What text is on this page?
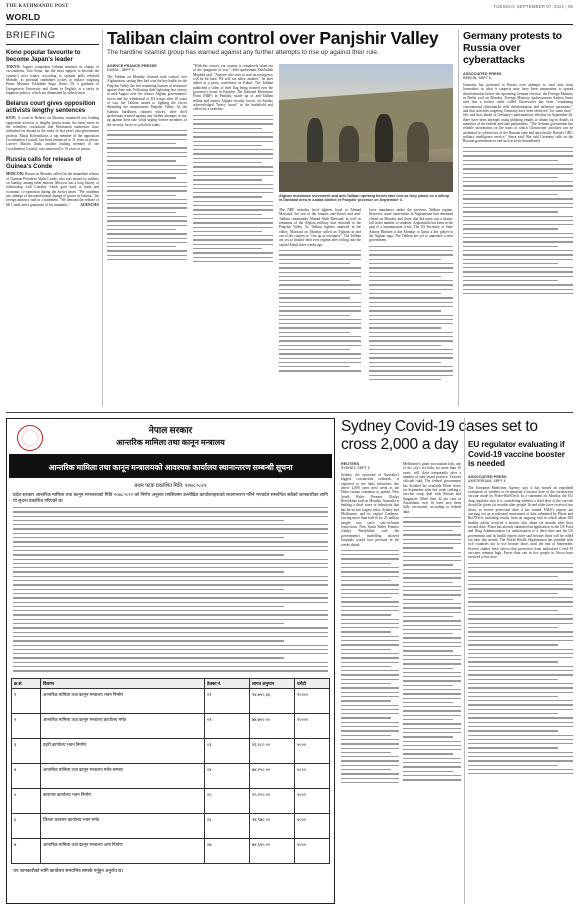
THE KATHMANDU POST	TUESDAY, SEPTEMBER 07, 2021 | 08
WORLD
BRIEFING
Kono popular favourite to become Japan's leader
TOKYO: Japan's outspoken Cabinet minister in charge of vaccinations, Taro Kono, has the most support to become the country's next leader, according to opinion polls released Monday, as potential candidates jockey to replace outgoing Prime Minister Yoshihide Suga. Kono, 58, a graduate of Georgetown University and fluent in English, is a rarity in Japanese politics, which are dominated by elderly men.
Belarus court gives opposition activists lengthy sentences
KYIV: A court in Belarus on Monday sentenced two leading opposition activists to lengthy prison terms, the latest move in the relentless crackdown that Belarusian authorities have unleashed on dissent in the wake of last year's anti-government protests. Maria Kolesnikova, a top member of the opposition Coordination Council, has been sentenced to 11 years in prison. Lawyer Maxim Znak, another leading member of the Coordination Council, was sentenced to 10 years in prison.
Russia calls for release of Guinea's Conde
MOSCOW: Russia on Monday called for the immediate release of Guinean President Alpha Conde, who was ousted by soldiers on Sunday, among other nations. Moscow has a long history of relationship with Conakry which goes back to trade and economic co-operation during the Soviet times. "We condemn any attempt of unconstitutional change of power in Guinea," the foreign ministry said in a statement. "We demand the release of Mr Conde and a guarantee of his immunity."	AGENCIES
Taliban claim control over Panjshir Valley
The hardline Islamist group has warned against any further attempts to rise up against their rule.
AGENCE FRANCE-PRESSE
KABUL, SEPT 6
The Taliban on Monday claimed total control over Afghanistan, saying they had won the key battle for the Panjshir Valley, the last remaining bastion of resistance against their rule. Following their lightning-fast victory in mid-August over the former Afghan government's forces and the withdrawal of US troops after 20 years of war, the Taliban turned to fighting the forces defending the mountainous Panjshir Valley. As the Islamist hardliners claimed victory, their chief spokesman warned against any further attempts to rise up against their rule while urging former members of the security forces to join their ranks.
"With this victory, our country is completely taken out of the quagmire of war," chief spokesman Zabihullah Mujahid said. "Anyone who tries to start an insurgency will be hit hard. We will not allow another," he later added at a press conference in Kabul. The Taliban published a video of their flag being hoisted over the governor's house in Panjshir. The National Resistance Front (NRF) in Panjshir, made up of anti-Taliban militia and former Afghan security forces, on Sunday acknowledged "heavy losses" in the battlefield and called for a ceasefire.
Afghan resistance movement and anti-Taliban uprising forces take rest as they patrol on a hilltop in Darband area in Anaba district of Panjshir province on September 3.
The NRF includes local fighters loyal to Ahmad Massoud, the son of the famous anti-Soviet and anti-Taliban commander Ahmad Shah Massoud, as well as remnants of the Afghan military that retreated to the Panjshir Valley. As Taliban fighters amassed in the valley, Massoud on Monday called on Afghans in and out of the country to "rise up in resistance". The Taliban are yet to finalise their new regime after rolling into the capital Kabul three weeks ago.
force mandatory under the previous Taliban regime. However, some universities in Afghanistan had remained closed on Monday and those that did open saw a drastic fall in the number of students. Afghanistan has been in the grip of a humanitarian crisis. The US Secretary of State Antony Blinken is due Monday to Qatar, a key player in the Afghan saga. The Taliban are yet to announce a new government.
Germany protests to Russia over cyberattacks
ASSOCIATED PRESS
BERLIN, SEPT 6
Germany has protested to Russia over attempts to steal data from lawmakers in what it suspects may have been preparation to spread disinformation before the upcoming German election, the Foreign Ministry in Berlin said on Monday. Foreign Ministry spokeswoman Andrea Sasse said that a hacker outfit called Ghostwriter has been "combining conventional cyberattacks with disinformation and influence operations," and that activities targeting Germany have been observed "for some time." She said that, ahead of Germany's parliamentary election on September 26, there have been attempts using phishing emails to obtain log-in details of members of the federal and state parliaments. "The German government has reliable information on the basis of which Ghostwriter activities can be attributed to cyberactors of the Russian state and specifically Russia's GRU military intelligence service," Sasse said. She said Germany calls on the Russian government to end such activity immediately.
नेपाल सरकार
आन्तरिक मामिला तथा कानून मन्त्रालय
आन्तरिक मामिला तथा कानून मन्त्रालयको आवश्यक कार्यालय स्थानान्तरण सम्बन्धी सूचना
प्रथम पटक प्रकाशित मिति: २०७८/५/२२
प्रदेश सरकार आन्तरिक मामिला तथा कानून मन्त्रालयको मिति २०७८/५/२२ को निर्णय अनुसार तपसिलमा उल्लेखित कार्यालयहरूको स्थानान्तरण गरिने भएकोले सम्बन्धित सबैको जानकारीका लागि यो सूचना प्रकाशित गरिएको छ।
क्र.सं.	विवरण	ठेक्का नं.	लागत अनुमान	धरौटी
१	आन्तरिक मामिला तथा कानून मन्त्रालय भवन निर्माण	०१	९४,७५०.३६	१००००
२	आन्तरिक मामिला तथा कानून मन्त्रालय कार्यालय मर्मत	०२	७४,७५०.००	१००००
३	प्रहरी कार्यालय भवन निर्माण	०३	२६,२८०.००	५०००
४	आन्तरिक मामिला तथा कानून मन्त्रालय मर्मत सम्भार	०४	७४,२५०.००	५०००
५	कारागार कार्यालय भवन निर्माण	०५	२५,२००.००	५०००
६	जिल्ला प्रशासन कार्यालय भवन मर्मत	०६	२४,९७०.००	५०००
७	आन्तरिक मामिला तथा कानून मन्त्रालय अन्य निर्माण	०७	७४,६५०.००	५०००
थप जानकारीको लागि कार्यालय समयभित्र सम्पर्क गर्नुहुन अनुरोध छ।
Sydney Covid-19 cases set to cross 2,000 a day
REUTERS
SYDNEY, SEPT 6
Sydney, the epicentre of Australia's biggest coronavirus outbreak, is expected to see daily infections rise above 2,000 cases next week as the Delta variant continues to spread, New South Wales Premier Gladys Berejiklian said on Monday. Australia is battling a third wave of infections that has hit its two largest cities, Sydney and Melbourne, and its capital Canberra, forcing more than half of its 25 million people into strict stay-at-home restrictions. New South Wales Premier Gladys Berejiklian said the government's modelling showed hospitals would face pressure in the weeks ahead.
Melbourne's giant vaccination hub, one of the city's six hubs for more than 10 years, will close temporarily after a number of staff tested positive, Victoria officials said. The federal government has doubled the available Pfizer doses for September after last week striking a vaccine swap deal with Britain and Singapore. More than 42 per cent of Australians over 16 have now been fully vaccinated, according to federal data.
EU regulator evaluating if Covid-19 vaccine booster is needed
ASSOCIATED PRESS
AMSTERDAM, SEPT 6
The European Medicines Agency says it has started an expedited evaluation of whether to recommend a booster dose of the coronavirus vaccine made by Pfizer-BioNTech. In a statement on Monday, the EU drug regulator says it is considering whether a third dose of the vaccine should be given six months after people 16 and older have received two doses, to restore protection after it has waned. EMA's experts are carrying out an accelerated assessment of data submitted by Pfizer and BioNTech, including results from an ongoing trial in which about 300 healthy adults received a booster shot about six months after their second dose. Pfizer has already submitted an application to the US Food and Drug Administration for authorisation of a third dose and the US government and its health experts have said booster shots will be rolled out later this month. The World Health Organization has pleaded with rich countries not to use booster doses until the end of September. Several studies have shown that protection from authorised Covid-19 vaccines remains high. Fewer than one in five people in Africa have received a first dose.
